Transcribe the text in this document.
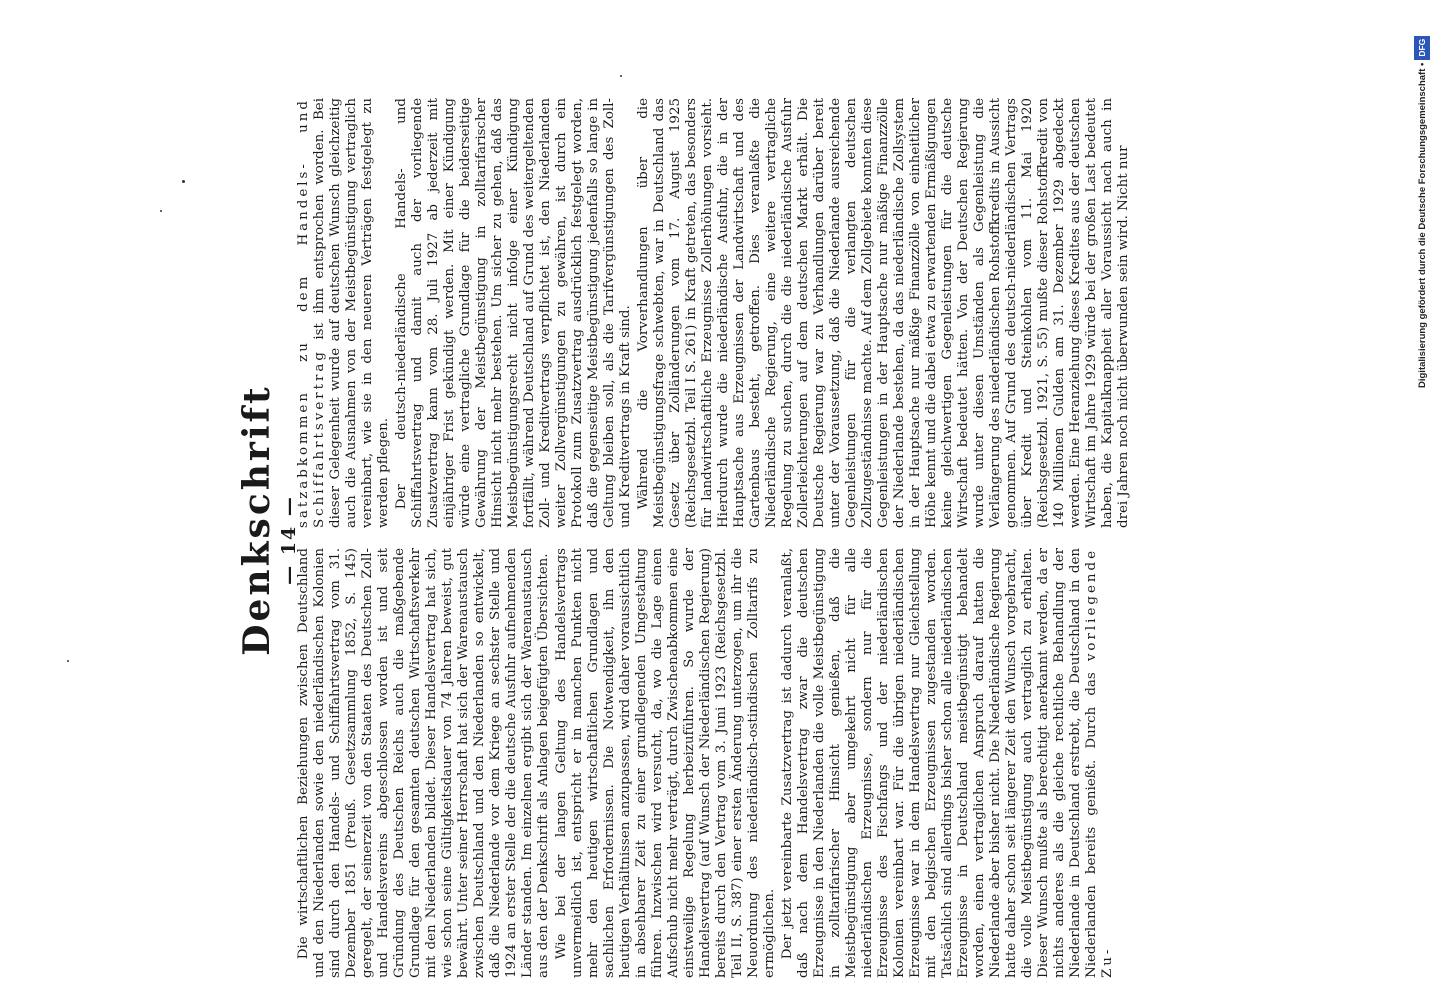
— 14 —
Denkschrift

Die wirtschaftlichen Beziehungen zwischen Deutschland und den Niederlanden sowie den niederländischen Kolonien sind durch den Handels- und Schiffahrtsvertrag vom 31. Dezember 1851 (Preuß. Gesetzsammlung 1852, S. 145) geregelt, der seinerzeit von den Staaten des Deutschen Zoll- und Handelsvereins abgeschlossen worden ist und seit Gründung des Deutschen Reichs auch die maßgebende Grundlage für den gesamten deutschen Wirtschaftsverkehr mit den Niederlanden bildet. Dieser Handelsvertrag hat sich, wie schon seine Gültigkeitsdauer von 74 Jahren beweist, gut bewährt. Unter seiner Herrschaft hat sich der Warenaustausch zwischen Deutschland und den Niederlanden so entwickelt, daß die Niederlande vor dem Kriege an sechster Stelle und 1924 an erster Stelle der die deutsche Ausfuhr aufnehmenden Länder standen. Im einzelnen ergibt sich der Warenaustausch aus den der Denkschrift als Anlagen beigefügten Übersichten. Wie bei der langen Geltung des Handelsvertrags unvermeidlich ist, entspricht er in manchen Punkten nicht mehr den heutigen wirtschaftlichen Grundlagen und sachlichen Erfordernissen. Die Notwendigkeit, ihn den heutigen Verhältnissen anzupassen, wird daher voraussichtlich in absehbarer Zeit zu einer grundlegenden Umgestaltung führen. Inzwischen wird versucht, da, wo die Lage einen Aufschub nicht mehr verträgt, durch Zwischenabkommen eine einstweilige Regelung herbeizuführen. So wurde der Handelsvertrag (auf Wunsch der Niederländischen Regierung) bereits durch den Vertrag vom 3. Juni 1923 (Reichsgesetzbl. Teil II, S. 387) einer ersten Änderung unterzogen, um ihr die Neuordnung des niederländisch-ostindischen Zolltarifs zu ermöglichen. Der jetzt vereinbarte Zusatzvertrag ist dadurch veranlaßt, daß nach dem Handelsvertrag zwar die deutschen Erzeugnisse in den Niederlanden die volle Meistbegünstigung in zolltarifarischer Hinsicht genießen, daß die Meistbegünstigung aber umgekehrt nicht für alle niederländischen Erzeugnisse, sondern nur für die Erzeugnisse des Fischfangs und der niederländischen Kolonien vereinbart war. Für die übrigen niederländischen Erzeugnisse war in dem Handelsvertrag nur Gleichstellung mit den belgischen Erzeugnissen zugestanden worden. Tatsächlich sind allerdings bisher schon alle niederländischen Erzeugnisse in Deutschland meistbegünstigt behandelt worden, einen vertraglichen Anspruch darauf hatten die Niederlande aber bisher nicht. Die Niederländische Regierung hatte daher schon seit längerer Zeit den Wunsch vorgebracht, die volle Meistbegünstigung auch vertraglich zu erhalten. Dieser Wunsch mußte als berechtigt anerkannt werden, da er nichts anderes als die gleiche rechtliche Behandlung der Niederlande in Deutschland erstrebt, die Deutschland in den Niederlanden bereits genießt. Durch das vorliegende Zu-

satzabkommen zu dem Handels- und Schiffahrtsvertrag ist ihm entsprochen worden. Bei dieser Gelegenheit wurde auf deutschen Wunsch gleichzeitig auch die Ausnahmen von der Meistbegünstigung vertraglich vereinbart, wie sie in den neueren Verträgen festgelegt zu werden pflegen. Der deutsch-niederländische Handels- und Schiffahrtsvertrag und damit auch der vorliegende Zusatzvertrag kann vom 28. Juli 1927 ab jederzeit mit einjähriger Frist gekündigt werden. Mit einer Kündigung würde eine vertragliche Grundlage für die beiderseitige Gewährung der Meistbegünstigung in zolltarifarischer Hinsicht nicht mehr bestehen. Um sicher zu gehen, daß das Meistbegünstigungsrecht nicht infolge einer Kündigung fortfällt, während Deutschland auf Grund des weitergeltenden Zoll- und Kreditvertrags verpflichtet ist, den Niederlanden weiter Zollvergünstigungen zu gewähren, ist durch ein Protokoll zum Zusatzvertrag ausdrücklich festgelegt worden, daß die gegenseitige Meistbegünstigung jedenfalls so lange in Geltung bleiben soll, als die Tarifvergünstigungen des Zoll- und Kreditvertrags in Kraft sind. Während die Vorverhandlungen über die Meistbegünstigungsfrage schwebten, war in Deutschland das Gesetz über Zolländerungen vom 17. August 1925 (Reichsgesetzbl. Teil I S. 261) in Kraft getreten, das besonders für landwirtschaftliche Erzeugnisse Zollerhöhungen vorsieht. Hierdurch wurde die niederländische Ausfuhr, die in der Hauptsache aus Erzeugnissen der Landwirtschaft und des Gartenbaus besteht, getroffen. Dies veranlaßte die Niederländische Regierung, eine weitere vertragliche Regelung zu suchen, durch die die niederländische Ausfuhr Zollerleichterungen auf dem deutschen Markt erhält. Die Deutsche Regierung war zu Verhandlungen darüber bereit unter der Voraussetzung, daß die Niederlande ausreichende Gegenleistungen für die verlangten deutschen Zollzugeständnisse machte. Auf dem Zollgebiete konnten diese Gegenleistungen in der Hauptsache nur mäßige Finanzzölle der Niederlande bestehen, da das niederländische Zollsystem in der Hauptsache nur mäßige Finanzzölle von einheitlicher Höhe kennt und die dabei etwa zu erwartenden Ermäßigungen keine gleichwertigen Gegenleistungen für die deutsche Wirtschaft bedeutet hätten. Von der Deutschen Regierung wurde unter diesen Umständen als Gegenleistung die Verlängerung des niederländischen Rohstoffkredits in Aussicht genommen. Auf Grund des deutsch-niederländischen Vertrags über Kredit und Steinkohlen vom 11. Mai 1920 (Reichsgesetzbl. 1921, S. 55) mußte dieser Rohstoffkredit von 140 Millionen Gulden am 31. Dezember 1929 abgedeckt werden. Eine Heranziehung dieses Kredites aus der deutschen Wirtschaft im Jahre 1929 würde bei der großen Last bedeutet haben, die Kapitalknappheit aller Voraussicht nach auch in drei Jahren noch nicht überwunden sein wird. Nicht nur	Digitalisierung gefördert durch die Deutsche Forschungsgemeinschaft •DFG
